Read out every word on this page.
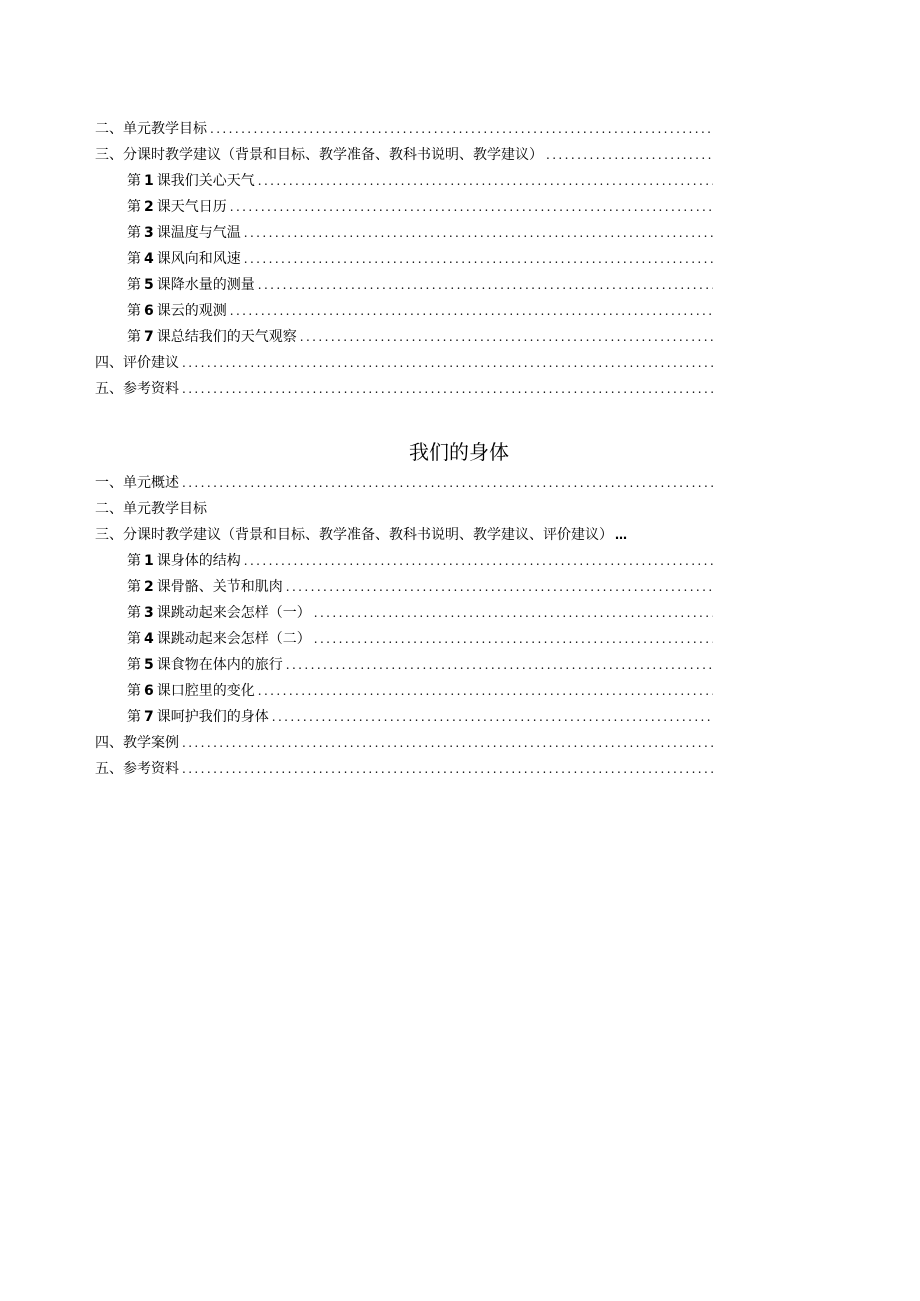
二、单元教学目标
.....
三、分课时教学建议（背景和目标、教学准备、教科书说明、教学建议）
.....
第 1 课我们关心天气
.....
第 2 课天气日历
.....
第 3 课温度与气温
.....
第 4 课风向和风速
.....
第 5 课降水量的测量
.....
第 6 课云的观测
.....
第 7 课总结我们的天气观察
.....
四、评价建议
.....
五、参考资料
.....
我们的身体
一、单元概述
.....
二、单元教学目标
三、分课时教学建议（背景和目标、教学准备、教科书说明、教学建议、评价建议） …
第 1 课身体的结构
.....
第 2 课骨骼、关节和肌肉
.....
第 3 课跳动起来会怎样（一）
.....
第 4 课跳动起来会怎样（二）
.....
第 5 课食物在体内的旅行
.....
第 6 课口腔里的变化
.....
第 7 课呵护我们的身体
.....
四、教学案例
.....
五、参考资料
.....
